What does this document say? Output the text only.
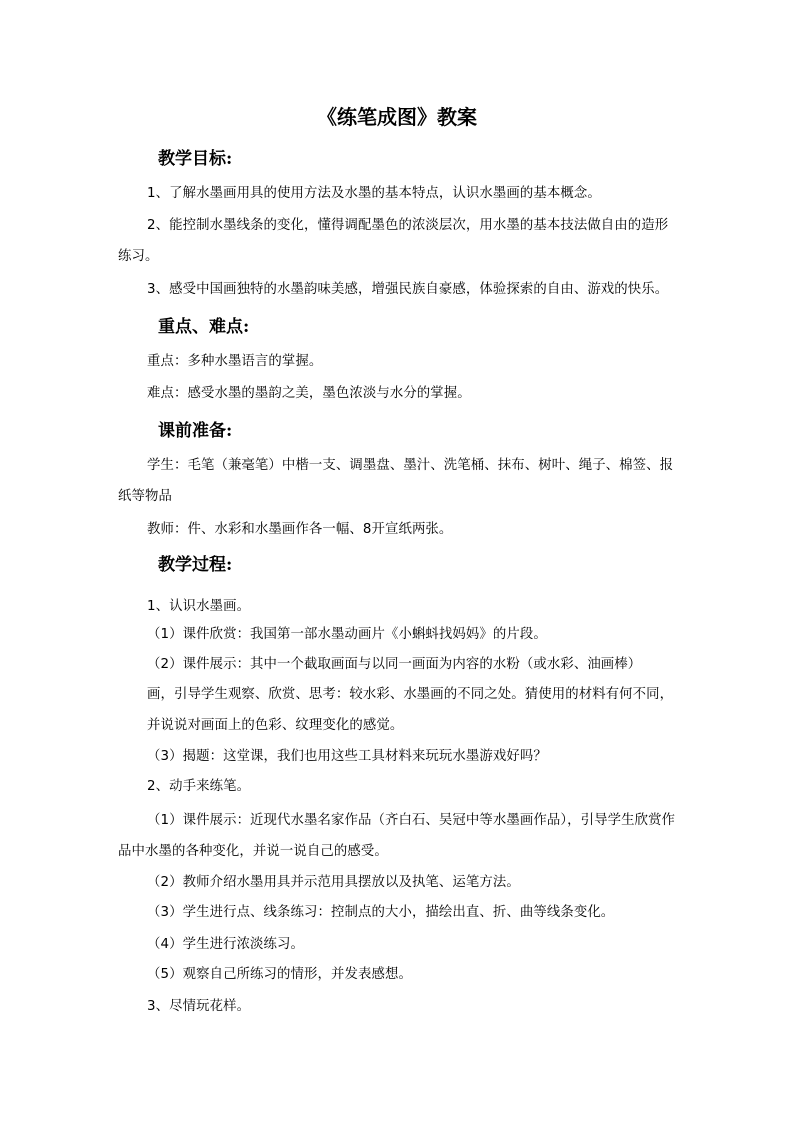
《练笔成图》教案
教学目标:

1、了解水墨画用具的使用方法及水墨的基本特点，认识水墨画的基本概念。

2、能控制水墨线条的变化，懂得调配墨色的浓淡层次，用水墨的基本技法做自由的造形练习。

3、感受中国画独特的水墨韵味美感，增强民族自豪感，体验探索的自由、游戏的快乐。

重点、难点:

重点：多种水墨语言的掌握。

难点：感受水墨的墨韵之美，墨色浓淡与水分的掌握。

课前准备:

学生：毛笔（兼毫笔）中楷一支、调墨盘、墨汁、洗笔桶、抹布、树叶、绳子、棉签、报纸等物品

教师：件、水彩和水墨画作各一幅、8开宣纸两张。

教学过程:

1、认识水墨画。

（1）课件欣赏：我国第一部水墨动画片《小蝌蚪找妈妈》的片段。

（2）课件展示：其中一个截取画面与以同一画面为内容的水粉（或水彩、油画棒）

画，引导学生观察、欣赏、思考：较水彩、水墨画的不同之处。猜使用的材料有何不同，并说说对画面上的色彩、纹理变化的感觉。

（3）揭题：这堂课，我们也用这些工具材料来玩玩水墨游戏好吗？

2、动手来练笔。

（1）课件展示：近现代水墨名家作品（齐白石、吴冠中等水墨画作品），引导学生欣赏作品中水墨的各种变化，并说一说自己的感受。

（2）教师介绍水墨用具并示范用具摆放以及执笔、运笔方法。

（3）学生进行点、线条练习：控制点的大小，描绘出直、折、曲等线条变化。

（4）学生进行浓淡练习。

（5）观察自己所练习的情形，并发表感想。

3、尽情玩花样。
